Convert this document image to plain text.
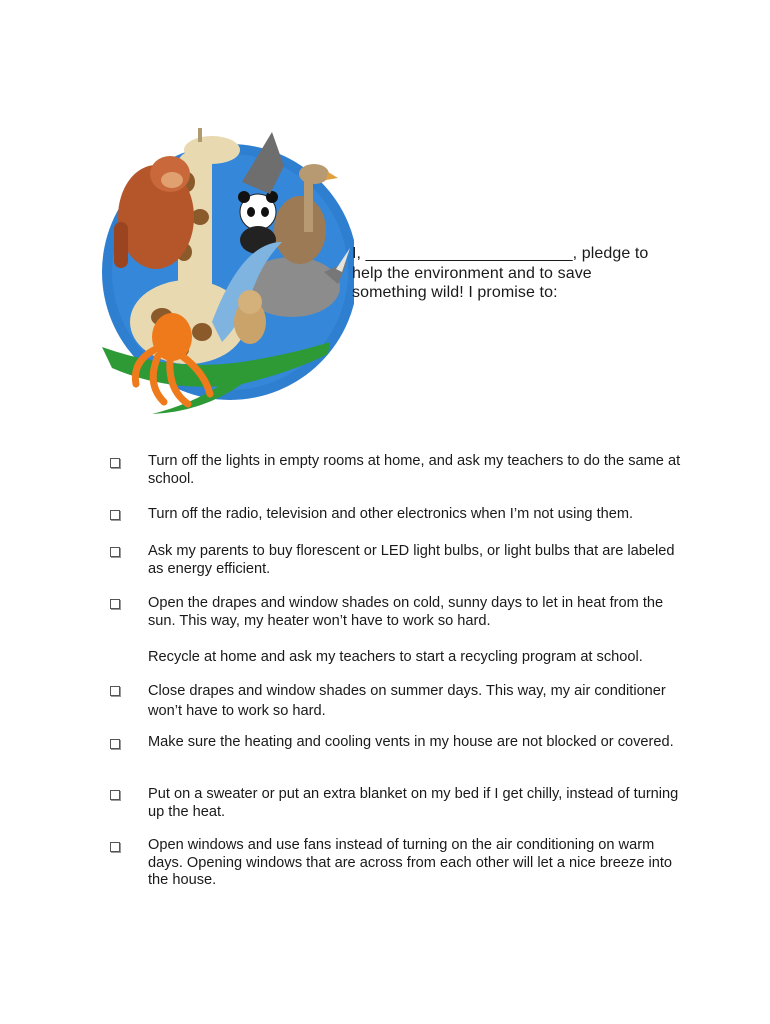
I, _______________________, pledge to
help the environment and to save
something wild! I promise to:
Turn off the lights in empty rooms at home, and ask my teachers to do the same at school.
Turn off the radio, television and other electronics when I’m not using them.
Ask my parents to buy florescent or LED light bulbs, or light bulbs that are labeled as energy efficient.
Open the drapes and window shades on cold, sunny days to let in heat from the sun. This way, my heater won’t have to work so hard.
Recycle at home and ask my teachers to start a recycling program at school.
Close drapes and window shades on summer days. This way, my air conditioner won’t have to work so hard.
Make sure the heating and cooling vents in my house are not blocked or covered.
Put on a sweater or put an extra blanket on my bed if I get chilly, instead of turning up the heat.
Open windows and use fans instead of turning on the air conditioning on warm days. Opening windows that are across from each other will let a nice breeze into the house.
